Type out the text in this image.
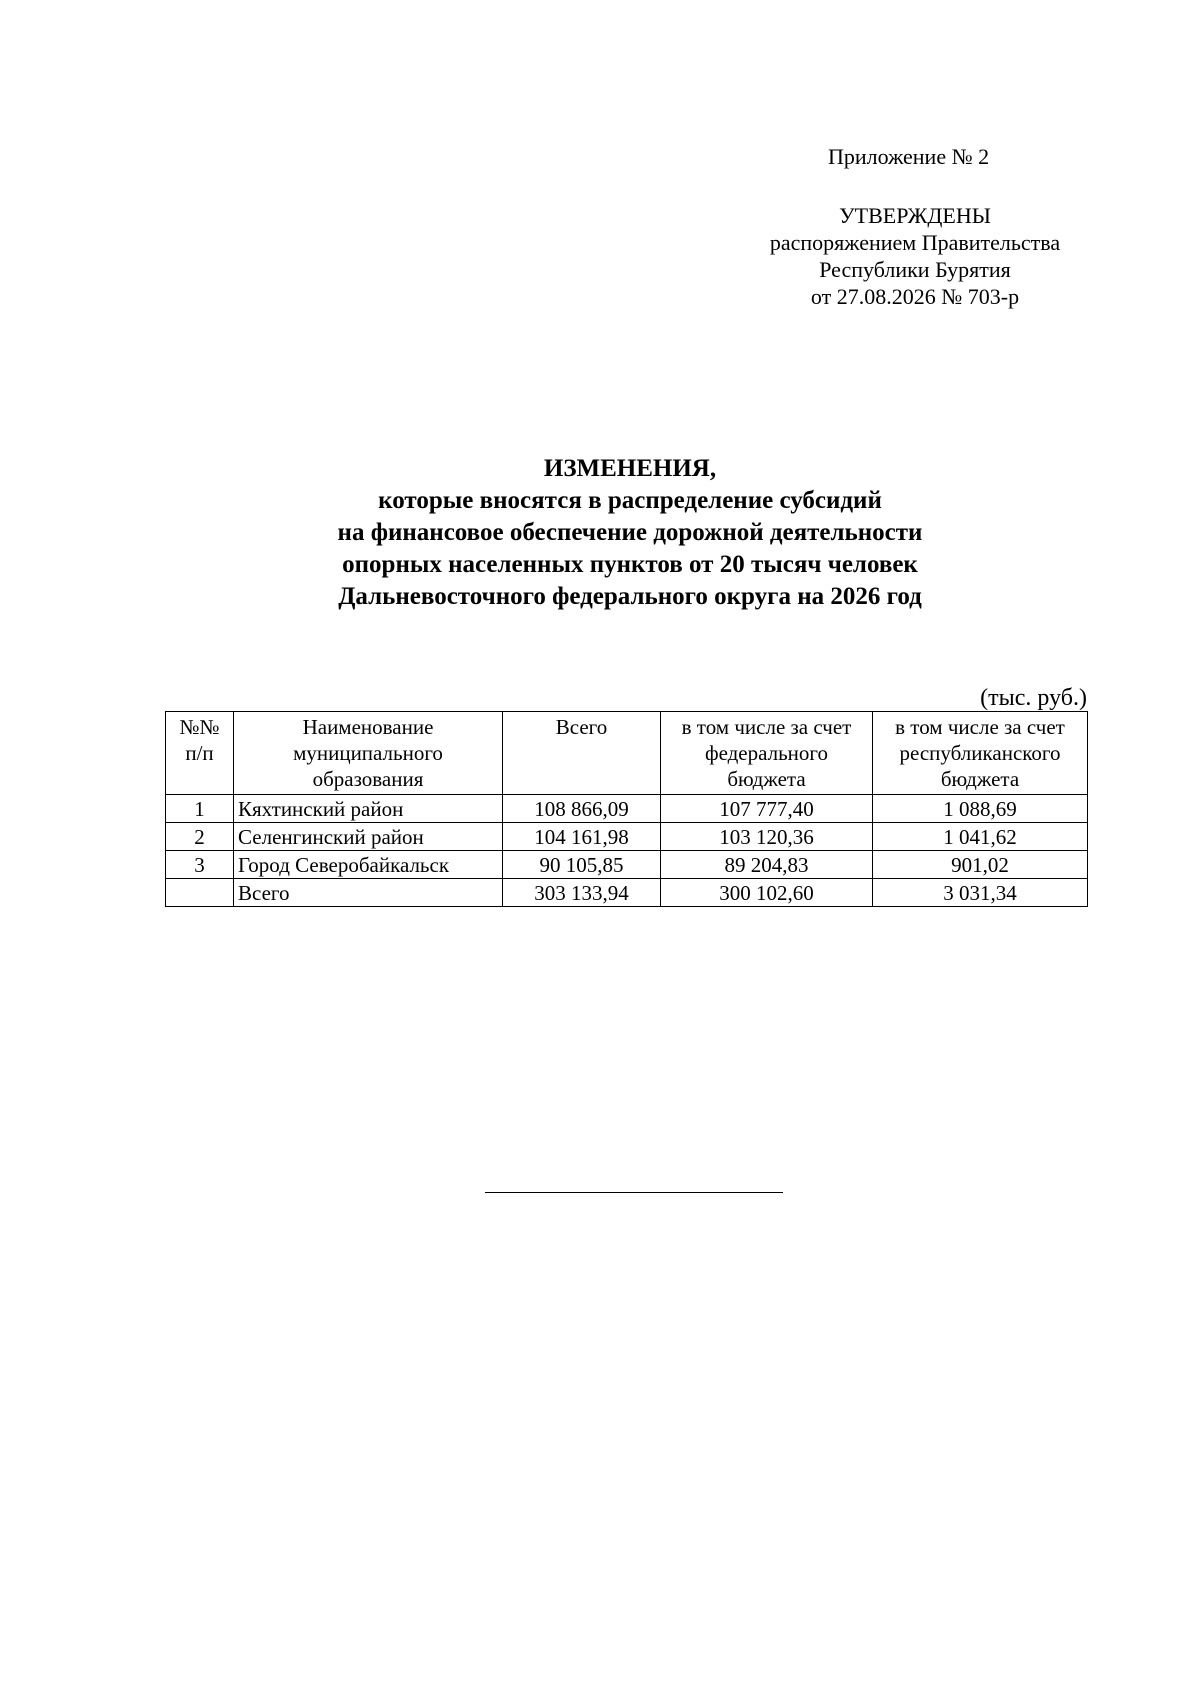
Приложение № 2
УТВЕРЖДЕНЫ
распоряжением Правительства
Республики Бурятия
от 27.08.2026 № 703-р
ИЗМЕНЕНИЯ,
которые вносятся в распределение субсидий
на финансовое обеспечение дорожной деятельности
опорных населенных пунктов от 20 тысяч человек
Дальневосточного федерального округа на 2026 год
(тыс. руб.)
№№ п/п	Наименование муниципального образования	Всего	в том числе за счет федерального бюджета	в том числе за счет республиканского бюджета
1	Кяхтинский район	108 866,09	107 777,40	1 088,69
2	Селенгинский район	104 161,98	103 120,36	1 041,62
3	Город Северобайкальск	90 105,85	89 204,83	901,02
	Всего	303 133,94	300 102,60	3 031,34
